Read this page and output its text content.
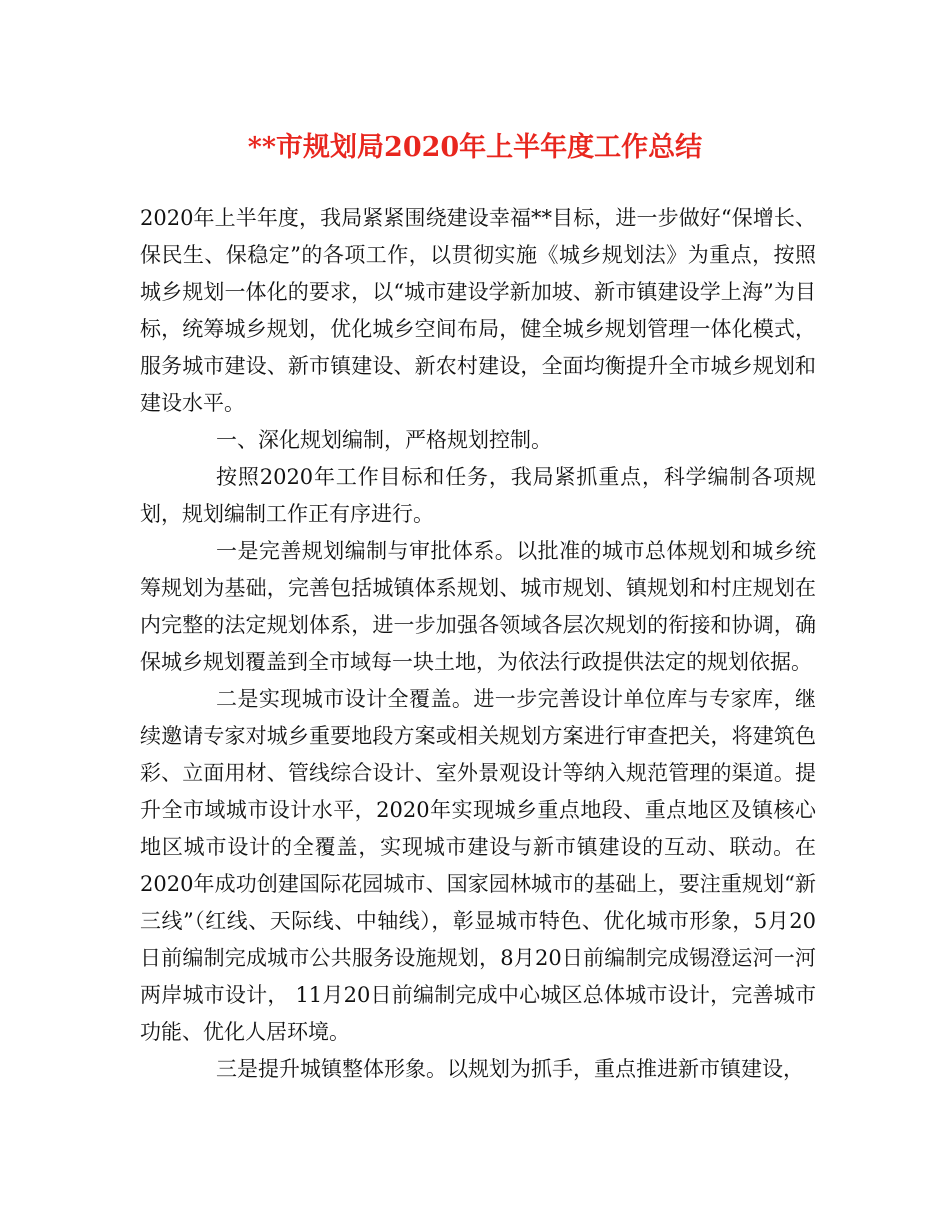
**市规划局2020年上半年度工作总结

2020年上半年度，我局紧紧围绕建设幸福**目标，进一步做好“保增长、保民生、保稳定”的各项工作，以贯彻实施《城乡规划法》为重点，按照城乡规划一体化的要求，以“城市建设学新加坡、新市镇建设学上海”为目标，统筹城乡规划，优化城乡空间布局，健全城乡规划管理一体化模式，服务城市建设、新市镇建设、新农村建设，全面均衡提升全市城乡规划和建设水平。

一、深化规划编制，严格规划控制。

按照2020年工作目标和任务，我局紧抓重点，科学编制各项规划，规划编制工作正有序进行。

一是完善规划编制与审批体系。以批准的城市总体规划和城乡统筹规划为基础，完善包括城镇体系规划、城市规划、镇规划和村庄规划在内完整的法定规划体系，进一步加强各领域各层次规划的衔接和协调，确保城乡规划覆盖到全市域每一块土地，为依法行政提供法定的规划依据。

二是实现城市设计全覆盖。进一步完善设计单位库与专家库，继续邀请专家对城乡重要地段方案或相关规划方案进行审查把关，将建筑色彩、立面用材、管线综合设计、室外景观设计等纳入规范管理的渠道。提升全市域城市设计水平，2020年实现城乡重点地段、重点地区及镇核心地区城市设计的全覆盖，实现城市建设与新市镇建设的互动、联动。在2020年成功创建国际花园城市、国家园林城市的基础上，要注重规划“新三线”（红线、天际线、中轴线），彰显城市特色、优化城市形象，5月20日前编制完成城市公共服务设施规划，8月20日前编制完成锡澄运河一河两岸城市设计， 11月20日前编制完成中心城区总体城市设计，完善城市功能、优化人居环境。

三是提升城镇整体形象。以规划为抓手，重点推进新市镇建设，
